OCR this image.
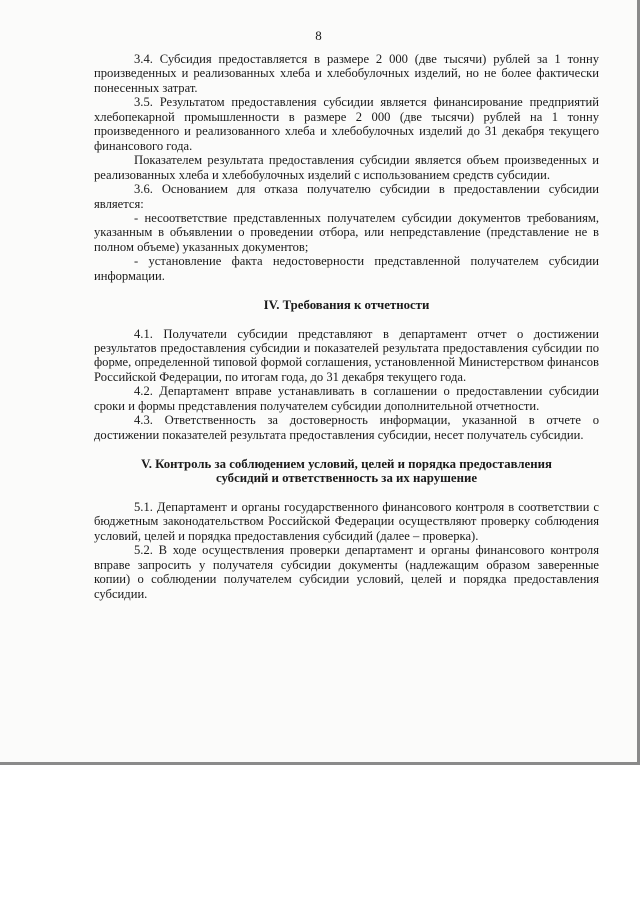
8

3.4. Субсидия предоставляется в размере 2 000 (две тысячи) рублей за 1 тонну произведенных и реализованных хлеба и хлебобулочных изделий, но не более фактически понесенных затрат.

3.5. Результатом предоставления субсидии является финансирование предприятий хлебопекарной промышленности в размере 2 000 (две тысячи) рублей на 1 тонну произведенного и реализованного хлеба и хлебобулочных изделий до 31 декабря текущего финансового года.

Показателем результата предоставления субсидии является объем произведенных и реализованных хлеба и хлебобулочных изделий с использованием средств субсидии.

3.6. Основанием для отказа получателю субсидии в предоставлении субсидии является:

- несоответствие представленных получателем субсидии документов требованиям, указанным в объявлении о проведении отбора, или непредставление (представление не в полном объеме) указанных документов;

- установление факта недостоверности представленной получателем субсидии информации.

IV. Требования к отчетности

4.1. Получатели субсидии представляют в департамент отчет о достижении результатов предоставления субсидии и показателей результата предоставления субсидии по форме, определенной типовой формой соглашения, установленной Министерством финансов Российской Федерации, по итогам года, до 31 декабря текущего года.

4.2. Департамент вправе устанавливать в соглашении о предоставлении субсидии сроки и формы представления получателем субсидии дополнительной отчетности.

4.3. Ответственность за достоверность информации, указанной в отчете о достижении показателей результата предоставления субсидии, несет получатель субсидии.

V. Контроль за соблюдением условий, целей и порядка предоставления
субсидий и ответственность за их нарушение

5.1. Департамент и органы государственного финансового контроля в соответствии с бюджетным законодательством Российской Федерации осуществляют проверку соблюдения условий, целей и порядка предоставления субсидий (далее – проверка).

5.2. В ходе осуществления проверки департамент и органы финансового контроля вправе запросить у получателя субсидии документы (надлежащим образом заверенные копии) о соблюдении получателем субсидии условий, целей и порядка предоставления субсидии.
